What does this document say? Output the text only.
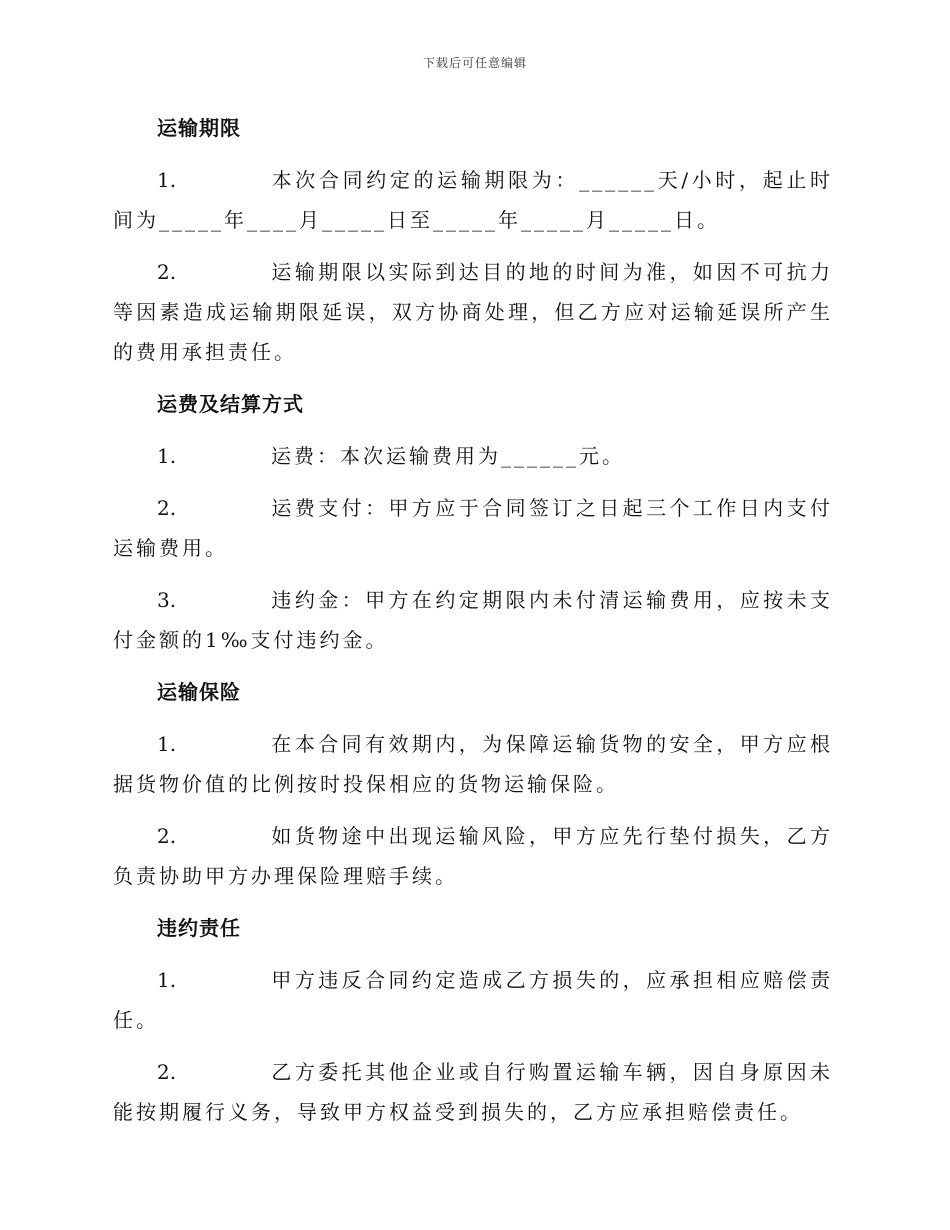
下载后可任意编辑
运输期限
1.	本次合同约定的运输期限为：______天/小时，起止时间为_____年____月_____日至_____年_____月_____日。
2.	运输期限以实际到达目的地的时间为准，如因不可抗力等因素造成运输期限延误，双方协商处理，但乙方应对运输延误所产生的费用承担责任。
运费及结算方式
1.	运费：本次运输费用为______元。
2.	运费支付：甲方应于合同签订之日起三个工作日内支付运输费用。
3.	违约金：甲方在约定期限内未付清运输费用，应按未支付金额的1‰支付违约金。
运输保险
1.	在本合同有效期内，为保障运输货物的安全，甲方应根据货物价值的比例按时投保相应的货物运输保险。
2.	如货物途中出现运输风险，甲方应先行垫付损失，乙方负责协助甲方办理保险理赔手续。
违约责任
1.	甲方违反合同约定造成乙方损失的，应承担相应赔偿责任。
2.	乙方委托其他企业或自行购置运输车辆，因自身原因未能按期履行义务，导致甲方权益受到损失的，乙方应承担赔偿责任。
